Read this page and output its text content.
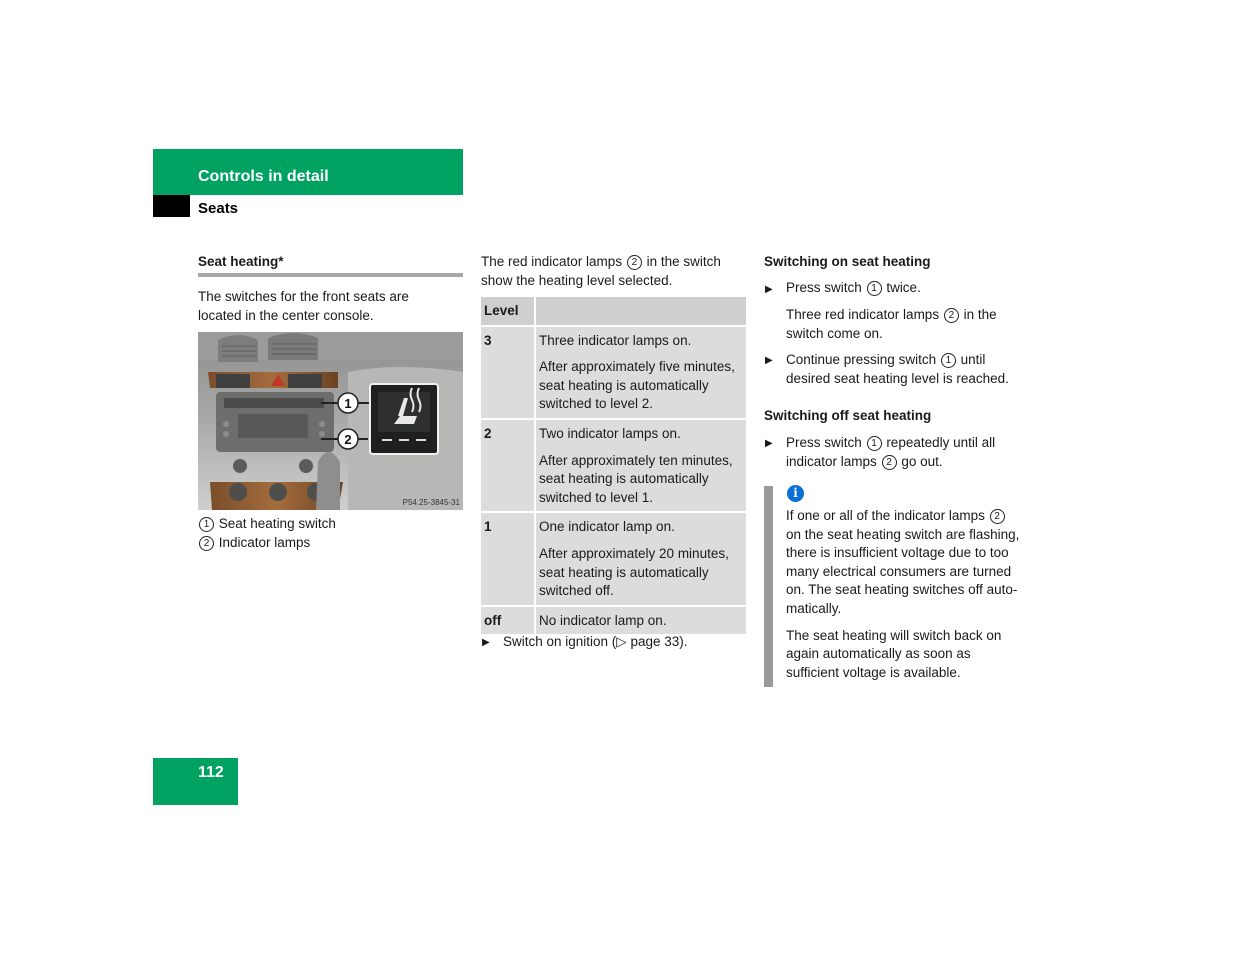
Controls in detail
Seats
Seat heating*
The switches for the front seats are
located in the center console.
1
2
P54.25-3845-31
1 Seat heating switch
2 Indicator lamps
The red indicator lamps 2 in the switch
show the heating level selected.
Level	
3	Three indicator lamps on.

After approximately five minutes,
seat heating is automatically
switched to level 2.

2	Two indicator lamps on.

After approximately ten minutes,
seat heating is automatically
switched to level 1.

1	One indicator lamp on.

After approximately 20 minutes,
seat heating is automatically
switched off.

off	No indicator lamp on.

▶ Switch on ignition (▷ page 33).
Switching on seat heating
▶ Press switch 1 twice.
Three red indicator lamps 2 in the
switch come on.
▶ Continue pressing switch 1 until
desired seat heating level is reached.
Switching off seat heating
▶ Press switch 1 repeatedly until all
indicator lamps 2 go out.
i
If one or all of the indicator lamps 2
on the seat heating switch are flashing,
there is insufficient voltage due to too
many electrical consumers are turned
on. The seat heating switches off auto-
matically.
The seat heating will switch back on
again automatically as soon as
sufficient voltage is available.
112
